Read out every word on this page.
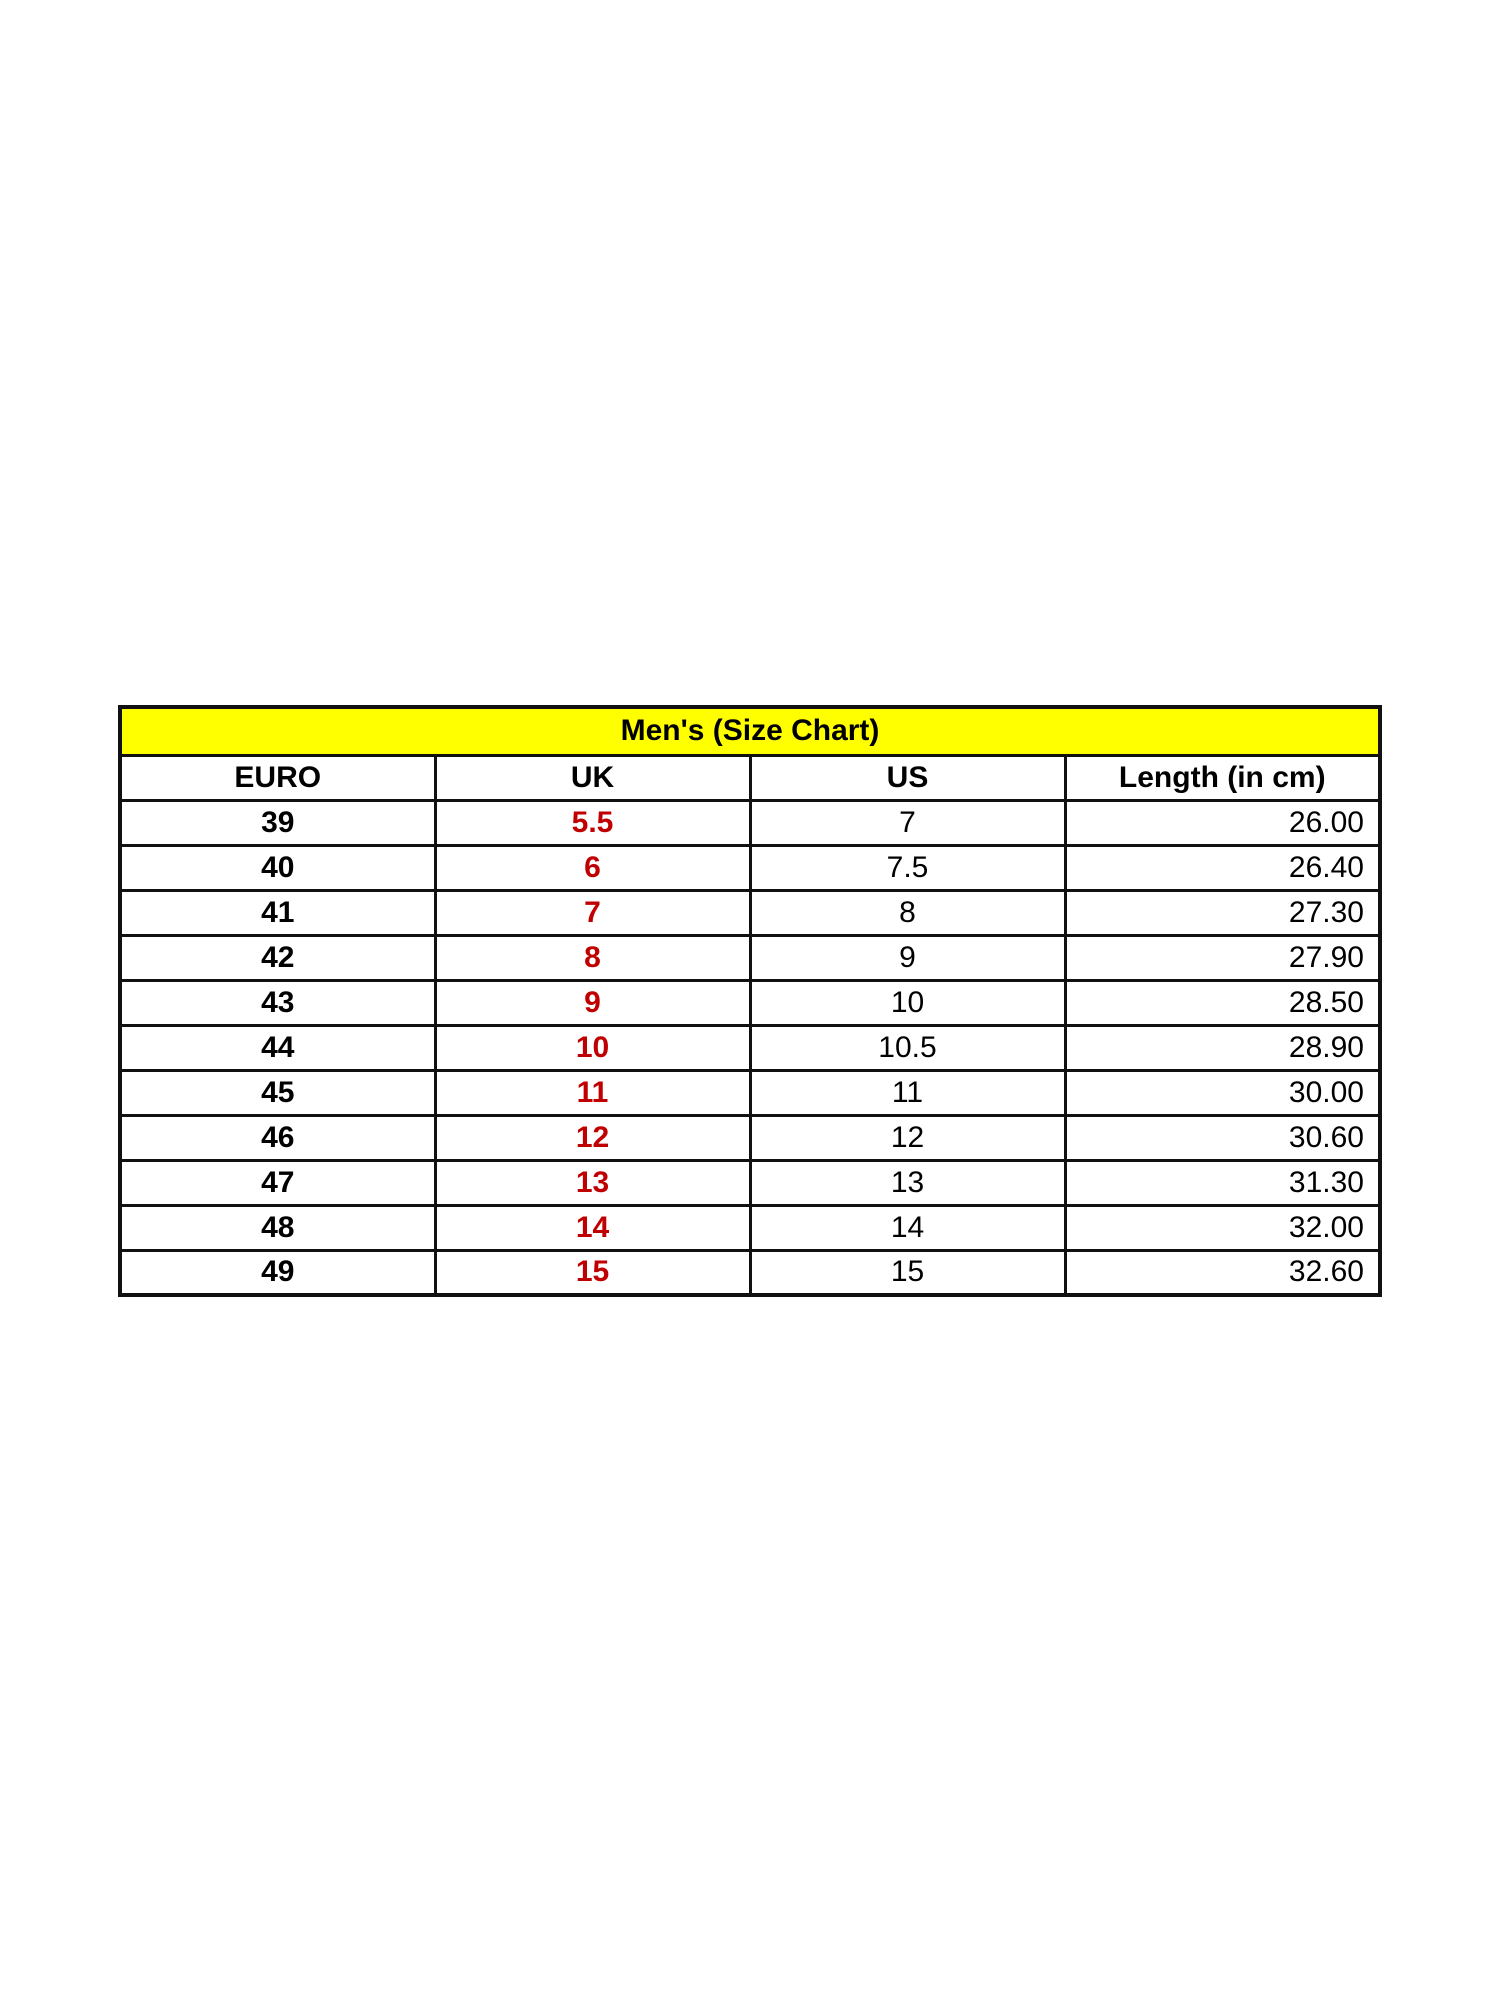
Men's (Size Chart)			
EURO	UK	US	Length (in cm)
39	5.5	7	26.00
40	6	7.5	26.40
41	7	8	27.30
42	8	9	27.90
43	9	10	28.50
44	10	10.5	28.90
45	11	11	30.00
46	12	12	30.60
47	13	13	31.30
48	14	14	32.00
49	15	15	32.60
